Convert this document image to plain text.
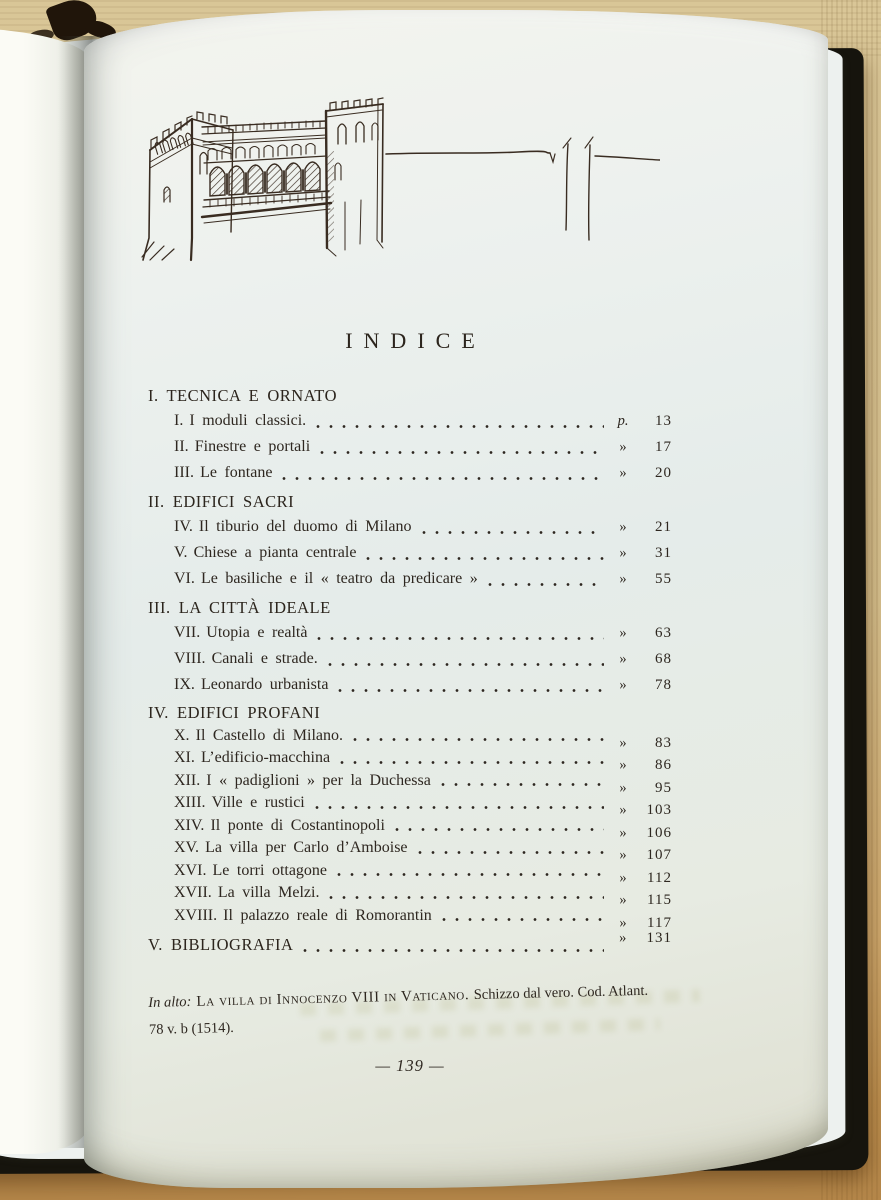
INDICE
I. TECNICA E ORNATO
I. I moduli classici.	p.	13
II. Finestre e portali	»	17
III. Le fontane	»	20
II. EDIFICI SACRI
IV. Il tiburio del duomo di Milano	»	21
V. Chiese a pianta centrale	»	31
VI. Le basiliche e il « teatro da predicare »	»	55
III. LA CITTÀ IDEALE
VII. Utopia e realtà	»	63
VIII. Canali e strade.	»	68
IX. Leonardo urbanista	»	78
IV. EDIFICI PROFANI
X. Il Castello di Milano.	»	83
XI. L’edificio-macchina	»	86
XII. I « padiglioni » per la Duchessa	»	95
XIII. Ville e rustici	»	103
XIV. Il ponte di Costantinopoli	»	106
XV. La villa per Carlo d’Amboise	»	107
XVI. Le torri ottagone	»	112
XVII. La villa Melzi.	»	115
XVIII. Il palazzo reale di Romorantin	»	117
V. BIBLIOGRAFIA	»	131
In alto: La villa di Innocenzo VIII in Vaticano. Schizzo dal vero. Cod. Atlant.
78 v. b (1514).
— 139 —
